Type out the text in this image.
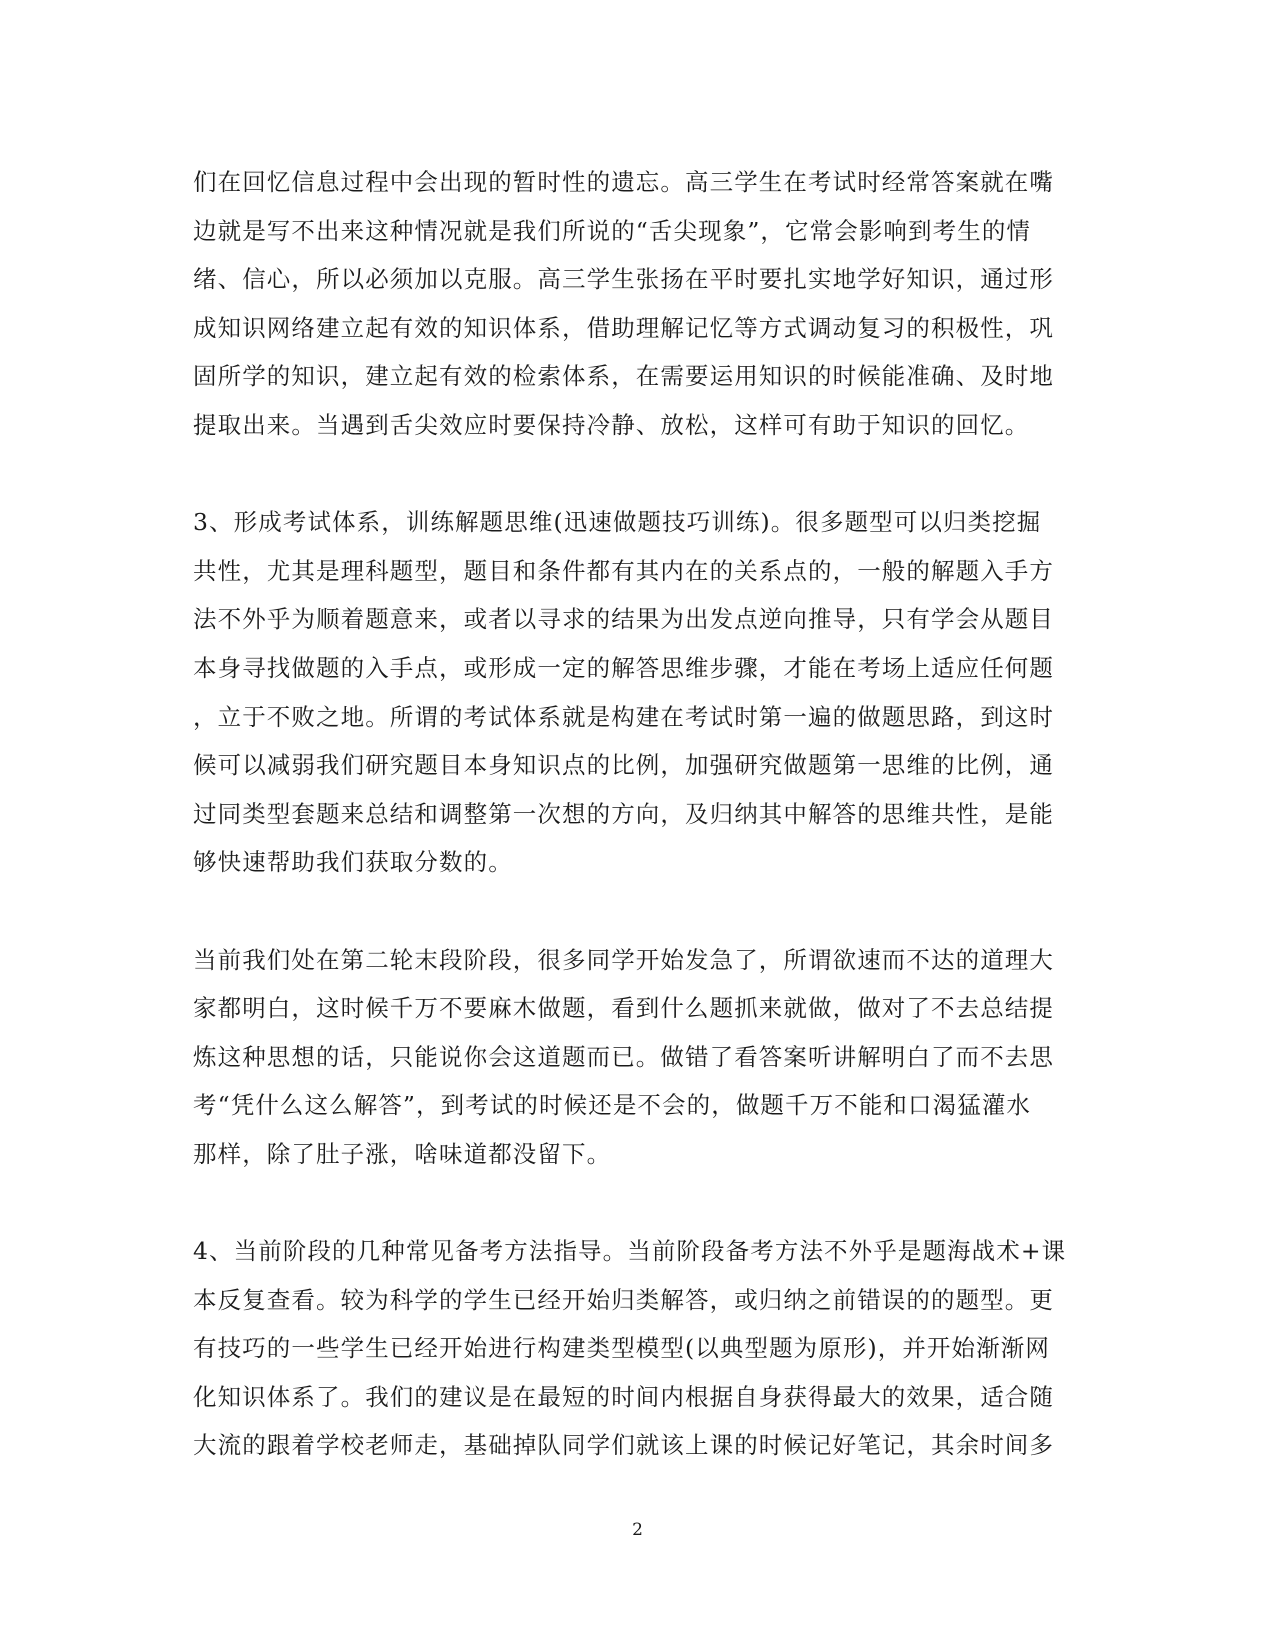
们在回忆信息过程中会出现的暂时性的遗忘。高三学生在考试时经常答案就在嘴
边就是写不出来这种情况就是我们所说的“舌尖现象”，它常会影响到考生的情
绪、信心，所以必须加以克服。高三学生张扬在平时要扎实地学好知识，通过形
成知识网络建立起有效的知识体系，借助理解记忆等方式调动复习的积极性，巩
固所学的知识，建立起有效的检索体系，在需要运用知识的时候能准确、及时地
提取出来。当遇到舌尖效应时要保持冷静、放松，这样可有助于知识的回忆。
3、形成考试体系，训练解题思维(迅速做题技巧训练)。很多题型可以归类挖掘
共性，尤其是理科题型，题目和条件都有其内在的关系点的，一般的解题入手方
法不外乎为顺着题意来，或者以寻求的结果为出发点逆向推导，只有学会从题目
本身寻找做题的入手点，或形成一定的解答思维步骤，才能在考场上适应任何题
，立于不败之地。所谓的考试体系就是构建在考试时第一遍的做题思路，到这时
候可以减弱我们研究题目本身知识点的比例，加强研究做题第一思维的比例，通
过同类型套题来总结和调整第一次想的方向，及归纳其中解答的思维共性，是能
够快速帮助我们获取分数的。
当前我们处在第二轮末段阶段，很多同学开始发急了，所谓欲速而不达的道理大
家都明白，这时候千万不要麻木做题，看到什么题抓来就做，做对了不去总结提
炼这种思想的话，只能说你会这道题而已。做错了看答案听讲解明白了而不去思
考“凭什么这么解答”，到考试的时候还是不会的，做题千万不能和口渴猛灌水
那样，除了肚子涨，啥味道都没留下。
4、当前阶段的几种常见备考方法指导。当前阶段备考方法不外乎是题海战术+课
本反复查看。较为科学的学生已经开始归类解答，或归纳之前错误的的题型。更
有技巧的一些学生已经开始进行构建类型模型(以典型题为原形)，并开始渐渐网
化知识体系了。我们的建议是在最短的时间内根据自身获得最大的效果，适合随
大流的跟着学校老师走，基础掉队同学们就该上课的时候记好笔记，其余时间多
2
